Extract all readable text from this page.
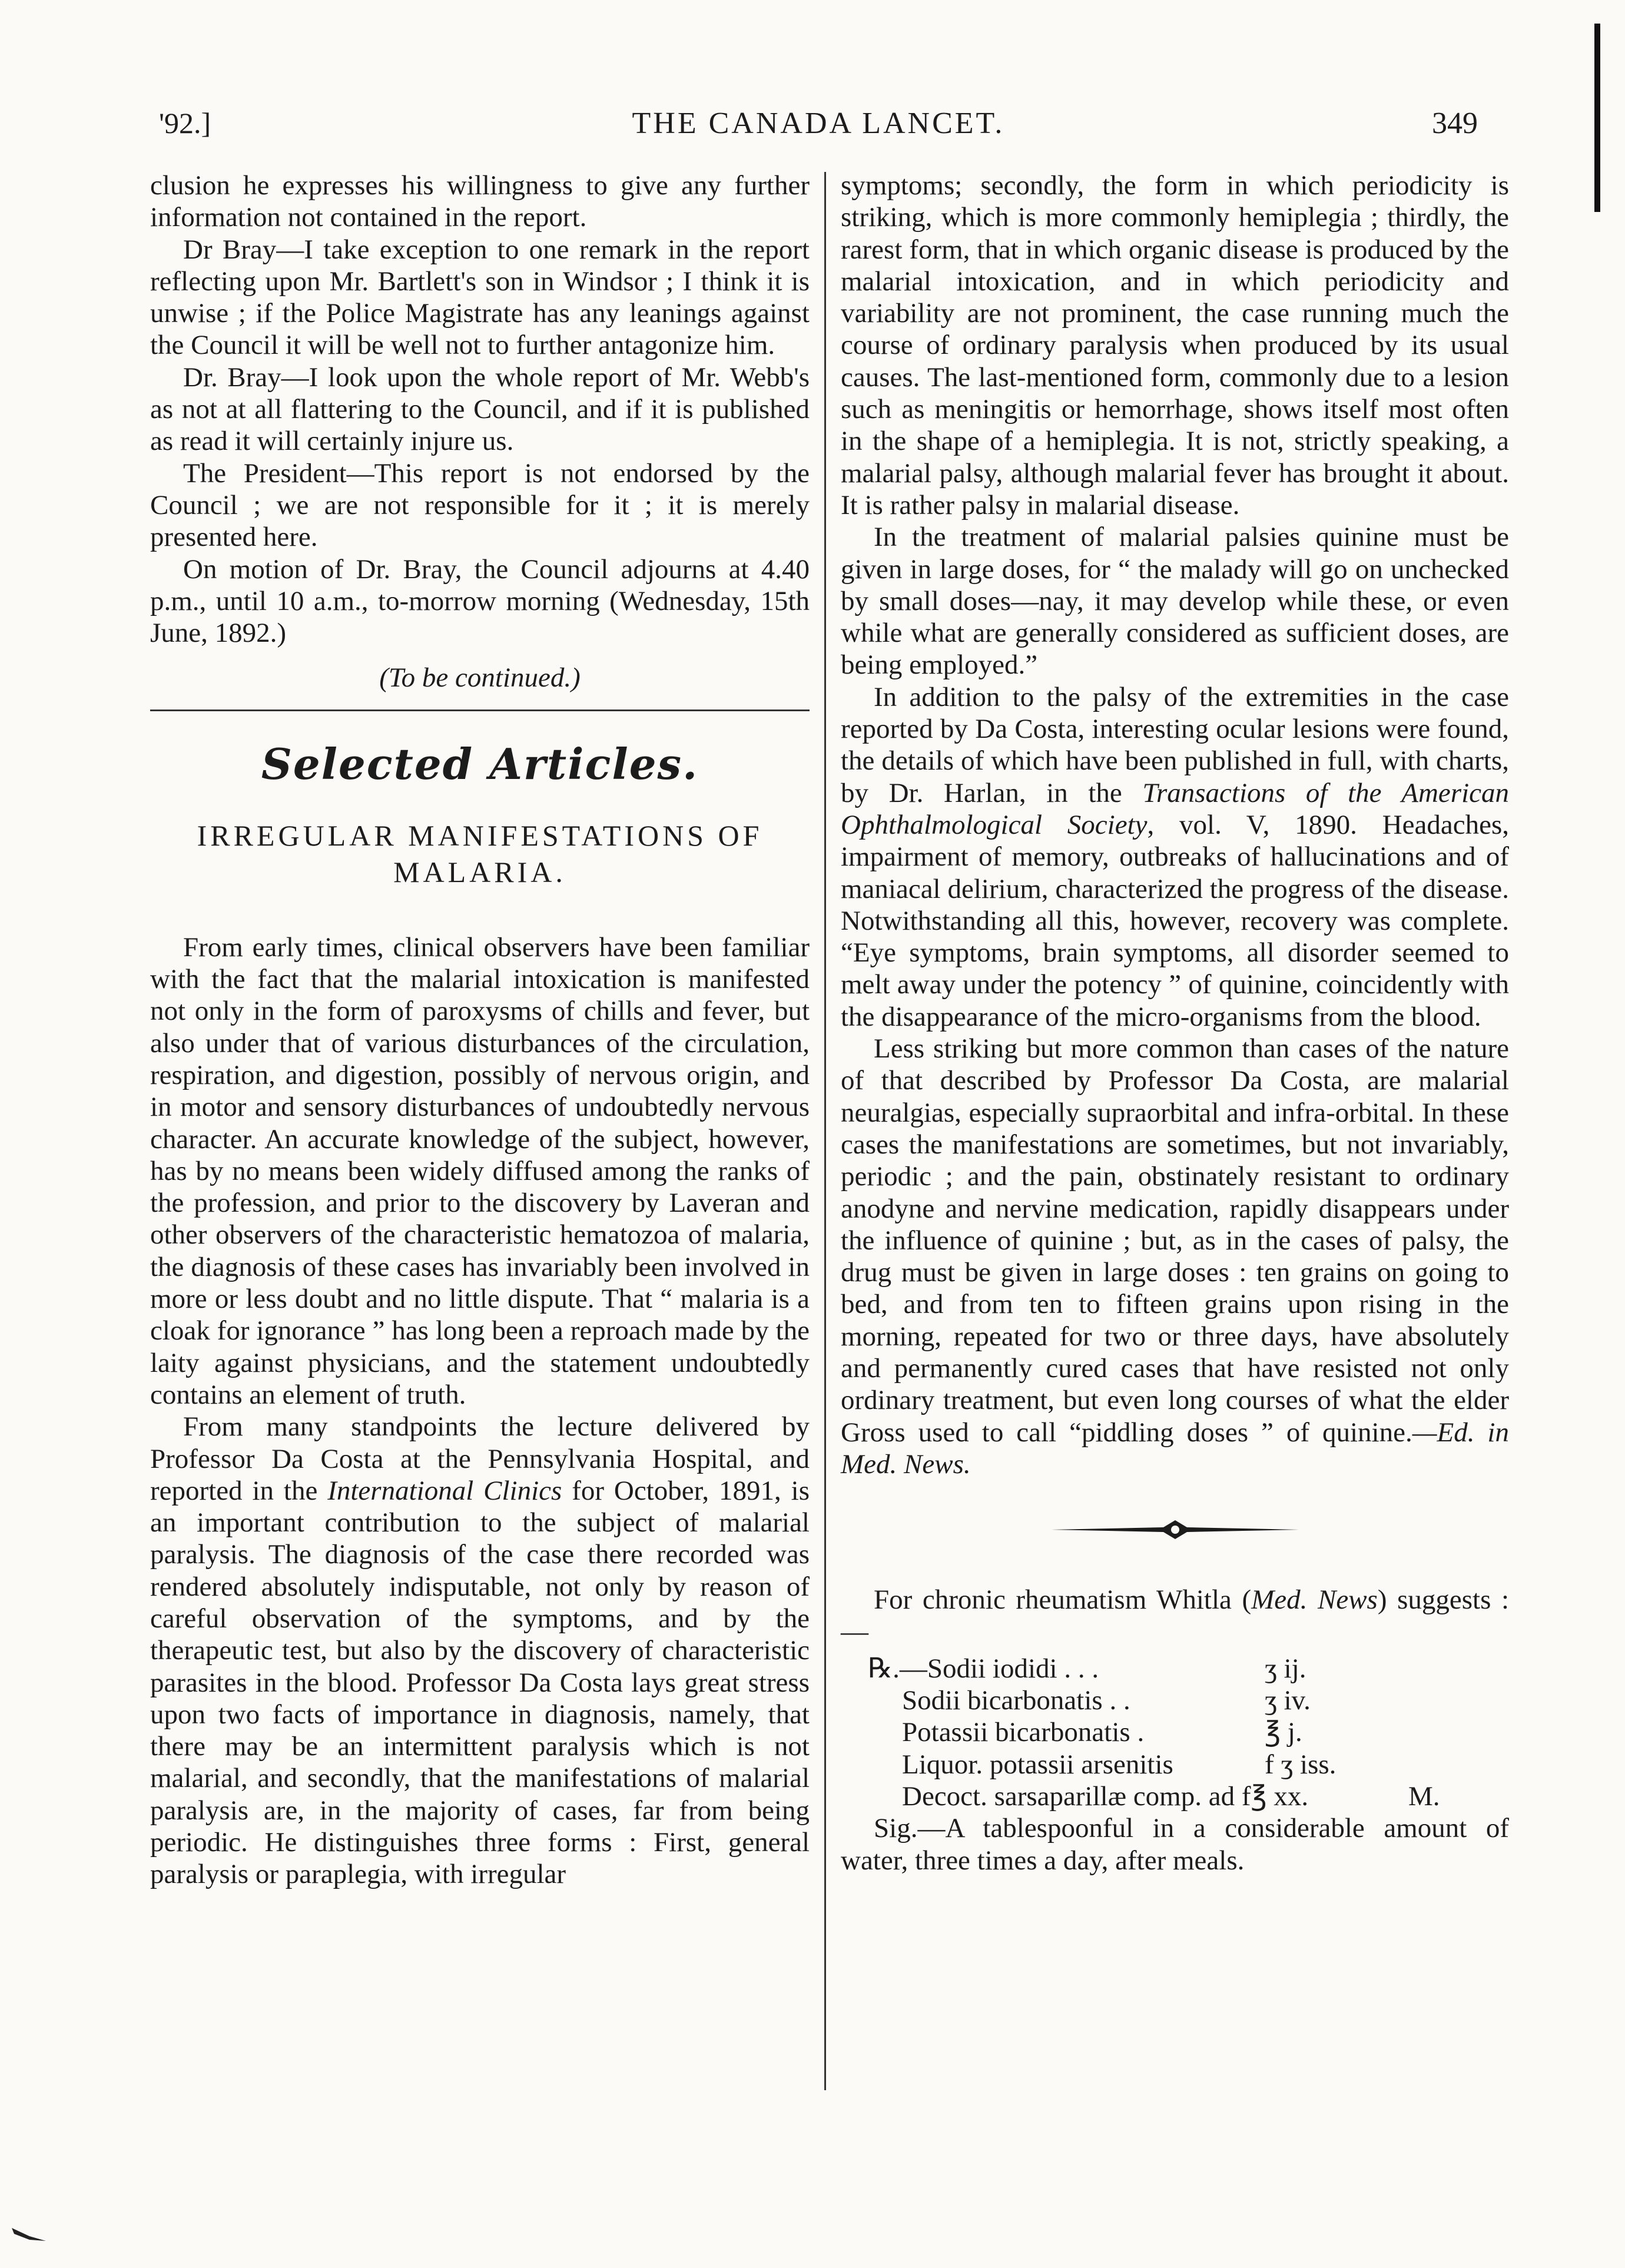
'92.]	THE CANADA LANCET.	349

clusion he expresses his willingness to give any further information not contained in the report.

Dr Bray—I take exception to one remark in the report reflecting upon Mr. Bartlett's son in Windsor ; I think it is unwise ; if the Police Magistrate has any leanings against the Council it will be well not to further antagonize him.

Dr. Bray—I look upon the whole report of Mr. Webb's as not at all flattering to the Council, and if it is published as read it will certainly injure us.

The President—This report is not endorsed by the Council ; we are not responsible for it ; it is merely presented here.

On motion of Dr. Bray, the Council adjourns at 4.40 p.m., until 10 a.m., to-morrow morning (Wednesday, 15th June, 1892.)

(To be continued.)
Selected Articles.
IRREGULAR MANIFESTATIONS OF MALARIA.

From early times, clinical observers have been familiar with the fact that the malarial intoxication is manifested not only in the form of paroxysms of chills and fever, but also under that of various disturbances of the circulation, respiration, and digestion, possibly of nervous origin, and in motor and sensory disturbances of undoubtedly nervous character. An accurate knowledge of the subject, however, has by no means been widely diffused among the ranks of the profession, and prior to the discovery by Laveran and other observers of the characteristic hematozoa of malaria, the diagnosis of these cases has invariably been involved in more or less doubt and no little dispute. That “ malaria is a cloak for ignorance ” has long been a reproach made by the laity against physicians, and the statement undoubtedly contains an element of truth.

From many standpoints the lecture delivered by Professor Da Costa at the Pennsylvania Hospital, and reported in the International Clinics for October, 1891, is an important contribution to the subject of malarial paralysis. The diagnosis of the case there recorded was rendered absolutely indisputable, not only by reason of careful observation of the symptoms, and by the therapeutic test, but also by the discovery of characteristic parasites in the blood. Professor Da Costa lays great stress upon two facts of importance in diagnosis, namely, that there may be an intermittent paralysis which is not malarial, and secondly, that the manifestations of malarial paralysis are, in the majority of cases, far from being periodic. He distinguishes three forms : First, general paralysis or paraplegia, with irregular

symptoms; secondly, the form in which periodicity is striking, which is more commonly hemiplegia ; thirdly, the rarest form, that in which organic disease is produced by the malarial intoxication, and in which periodicity and variability are not prominent, the case running much the course of ordinary paralysis when produced by its usual causes. The last-mentioned form, commonly due to a lesion such as meningitis or hemorrhage, shows itself most often in the shape of a hemiplegia. It is not, strictly speaking, a malarial palsy, although malarial fever has brought it about. It is rather palsy in malarial disease.

In the treatment of malarial palsies quinine must be given in large doses, for “ the malady will go on unchecked by small doses—nay, it may develop while these, or even while what are generally considered as sufficient doses, are being employed.”

In addition to the palsy of the extremities in the case reported by Da Costa, interesting ocular lesions were found, the details of which have been published in full, with charts, by Dr. Harlan, in the Transactions of the American Ophthalmological Society, vol. V, 1890. Headaches, impairment of memory, outbreaks of hallucinations and of maniacal delirium, characterized the progress of the disease. Notwithstanding all this, however, recovery was complete. “Eye symptoms, brain symptoms, all disorder seemed to melt away under the potency ” of quinine, coincidently with the disappearance of the micro-organisms from the blood.

Less striking but more common than cases of the nature of that described by Professor Da Costa, are malarial neuralgias, especially supraorbital and infra-orbital. In these cases the manifestations are sometimes, but not invariably, periodic ; and the pain, obstinately resistant to ordinary anodyne and nervine medication, rapidly disappears under the influence of quinine ; but, as in the cases of palsy, the drug must be given in large doses : ten grains on going to bed, and from ten to fifteen grains upon rising in the morning, repeated for two or three days, have absolutely and permanently cured cases that have resisted not only ordinary treatment, but even long courses of what the elder Gross used to call “piddling doses ” of quinine.—Ed. in Med. News.

For chronic rheumatism Whitla (Med. News) suggests :—

℞.—Sodii iodidi . . .	ʒ ij.
Sodii bicarbonatis . .	ʒ iv.
Potassii bicarbonatis .	℥ j.
Liquor. potassii arsenitis	f ʒ iss.
Decoct. sarsaparillæ comp. ad f℥ xx.	M.

Sig.—A tablespoonful in a considerable amount of water, three times a day, after meals.
